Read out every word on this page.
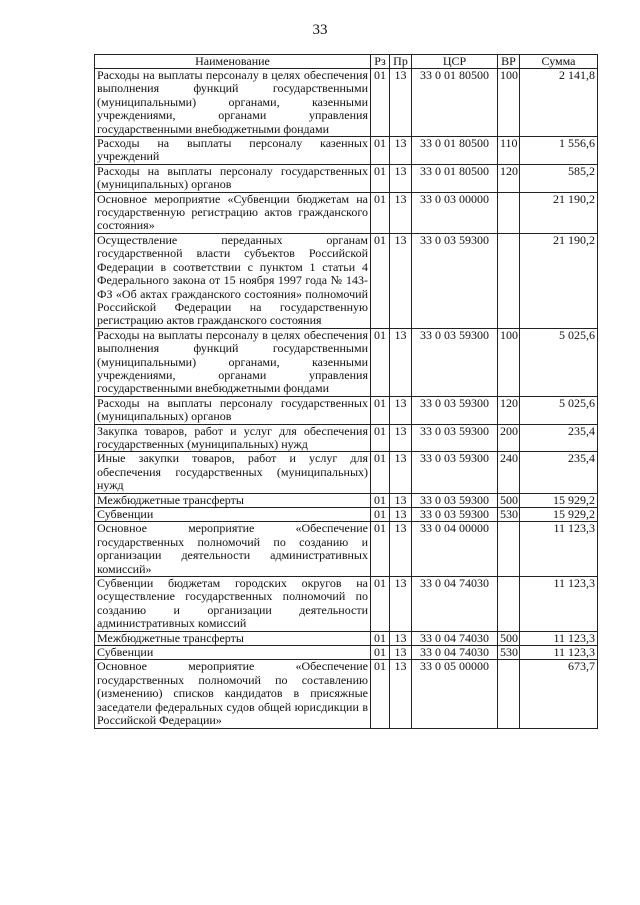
33
Наименование	Рз	Пр	ЦСР	ВР	Сумма
Расходы на выплаты персоналу в целях обеспечения выполнения функций государственными (муниципальными) органами, казенными учреждениями, органами управления государственными внебюджетными фондами	01	13	33 0 01 80500	100	2 141,8
Расходы на выплаты персоналу казенных учреждений	01	13	33 0 01 80500	110	1 556,6
Расходы на выплаты персоналу государственных (муниципальных) органов	01	13	33 0 01 80500	120	585,2
Основное мероприятие «Субвенции бюджетам на государственную регистрацию актов гражданского состояния»	01	13	33 0 03 00000		21 190,2
Осуществление переданных органам государственной власти субъектов Российской Федерации в соответствии с пунктом 1 статьи 4 Федерального закона от 15 ноября 1997 года № 143-ФЗ «Об актах гражданского состояния» полномочий Российской Федерации на государственную регистрацию актов гражданского состояния	01	13	33 0 03 59300		21 190,2
Расходы на выплаты персоналу в целях обеспечения выполнения функций государственными (муниципальными) органами, казенными учреждениями, органами управления государственными внебюджетными фондами	01	13	33 0 03 59300	100	5 025,6
Расходы на выплаты персоналу государственных (муниципальных) органов	01	13	33 0 03 59300	120	5 025,6
Закупка товаров, работ и услуг для обеспечения государственных (муниципальных) нужд	01	13	33 0 03 59300	200	235,4
Иные закупки товаров, работ и услуг для обеспечения государственных (муниципальных) нужд	01	13	33 0 03 59300	240	235,4
Межбюджетные трансферты	01	13	33 0 03 59300	500	15 929,2
Субвенции	01	13	33 0 03 59300	530	15 929,2
Основное мероприятие «Обеспечение государственных полномочий по созданию и организации деятельности административных комиссий»	01	13	33 0 04 00000		11 123,3
Субвенции бюджетам городских округов на осуществление государственных полномочий по созданию и организации деятельности административных комиссий	01	13	33 0 04 74030		11 123,3
Межбюджетные трансферты	01	13	33 0 04 74030	500	11 123,3
Субвенции	01	13	33 0 04 74030	530	11 123,3
Основное мероприятие «Обеспечение государственных полномочий по составлению (изменению) списков кандидатов в присяжные заседатели федеральных судов общей юрисдикции в Российской Федерации»	01	13	33 0 05 00000		673,7
